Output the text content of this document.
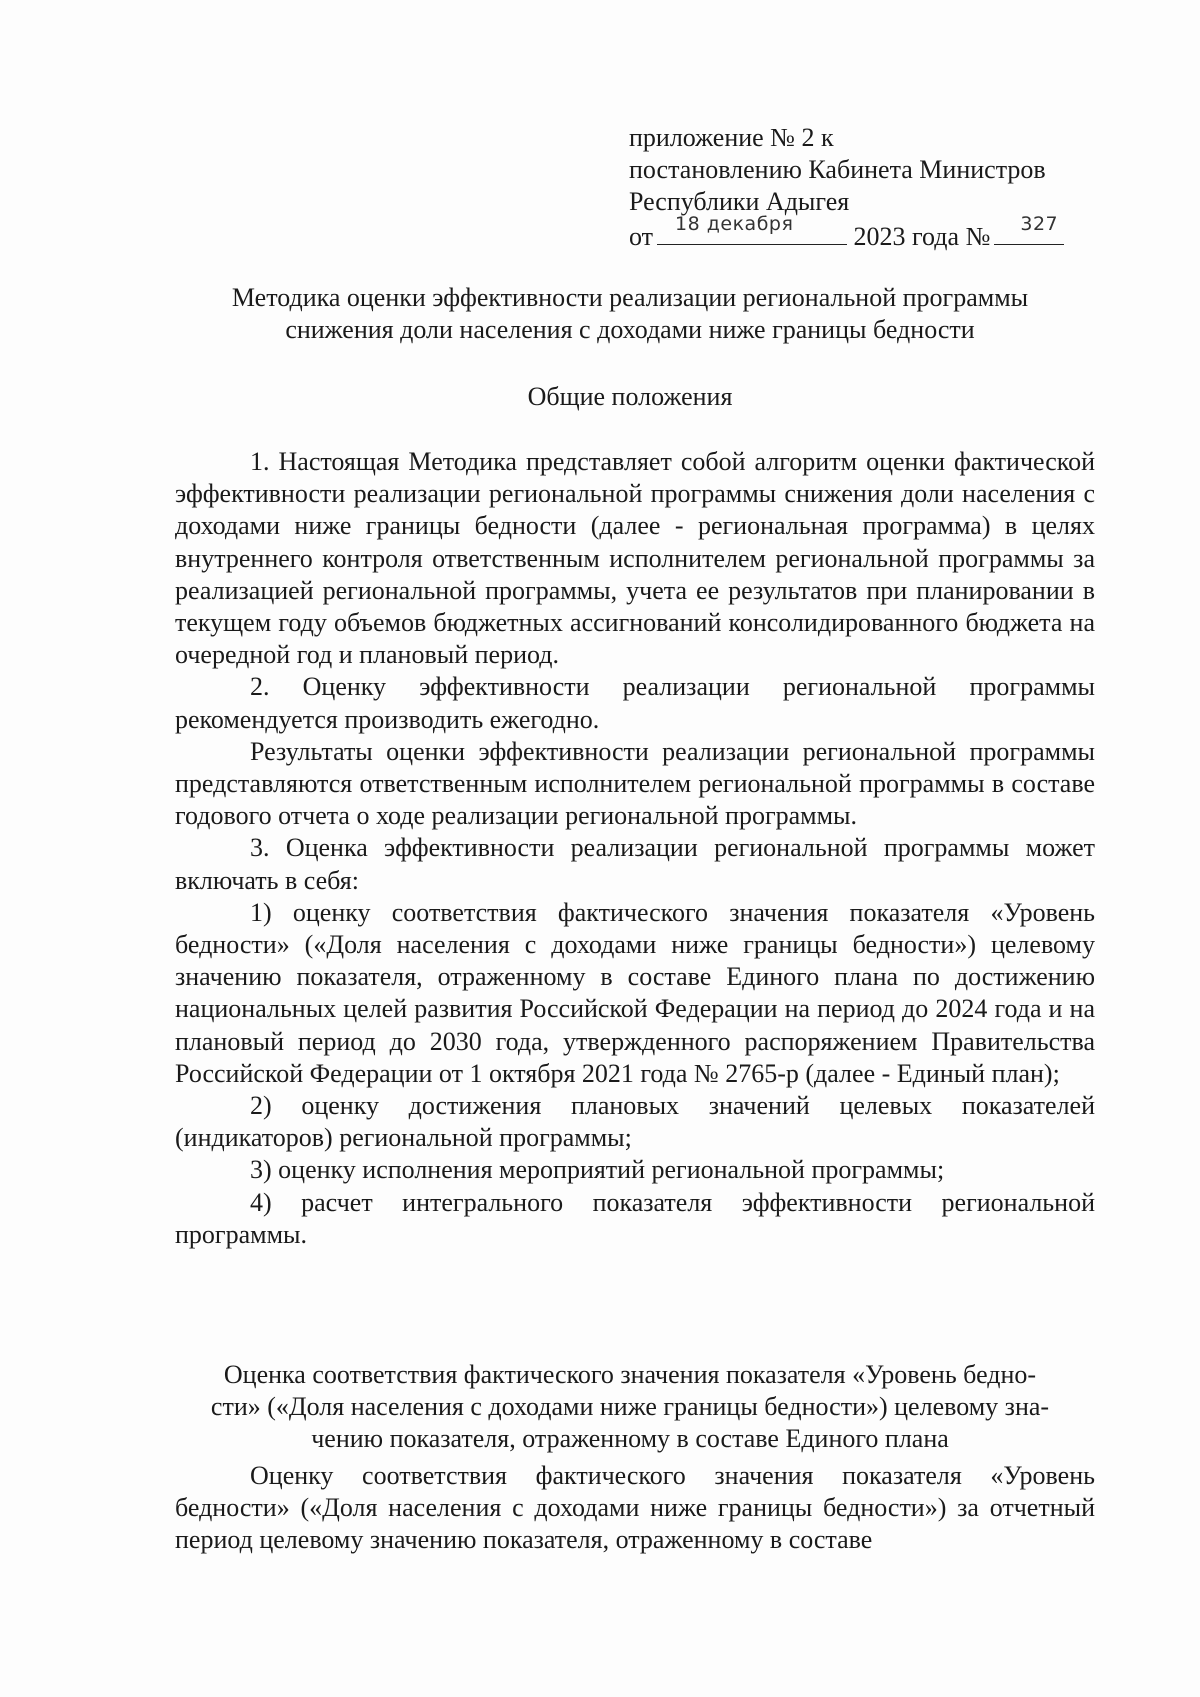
приложение № 2 к
постановлению Кабинета Министров
Республики Адыгея
от 18 декабря 2023 года № 327
Методика оценки эффективности реализации региональной программы
снижения доли населения с доходами ниже границы бедности
Общие положения

1. Настоящая Методика представляет собой алгоритм оценки фактической эффективности реализации региональной программы снижения доли населения с доходами ниже границы бедности (далее - региональная программа) в целях внутреннего контроля ответственным исполнителем региональной программы за реализацией региональной программы, учета ее результатов при планировании в текущем году объемов бюджетных ассигнований консолидированного бюджета на очередной год и плановый период.

2. Оценку эффективности реализации региональной программы рекомендуется производить ежегодно.

Результаты оценки эффективности реализации региональной программы представляются ответственным исполнителем региональной программы в составе годового отчета о ходе реализации региональной программы.

3. Оценка эффективности реализации региональной программы может включать в себя:

1) оценку соответствия фактического значения показателя «Уровень бедности» («Доля населения с доходами ниже границы бедности») целевому значению показателя, отраженному в составе Единого плана по достижению национальных целей развития Российской Федерации на период до 2024 года и на плановый период до 2030 года, утвержденного распоряжением Правительства Российской Федерации от 1 октября 2021 года № 2765-р (далее - Единый план);

2) оценку достижения плановых значений целевых показателей (индикаторов) региональной программы;

3) оценку исполнения мероприятий региональной программы;

4) расчет интегрального показателя эффективности региональной программы.

Оценка соответствия фактического значения показателя «Уровень бедно-
сти» («Доля населения с доходами ниже границы бедности») целевому зна-
чению показателя, отраженному в составе Единого плана

Оценку соответствия фактического значения показателя «Уровень бедности» («Доля населения с доходами ниже границы бедности») за отчетный период целевому значению показателя, отраженному в составе
